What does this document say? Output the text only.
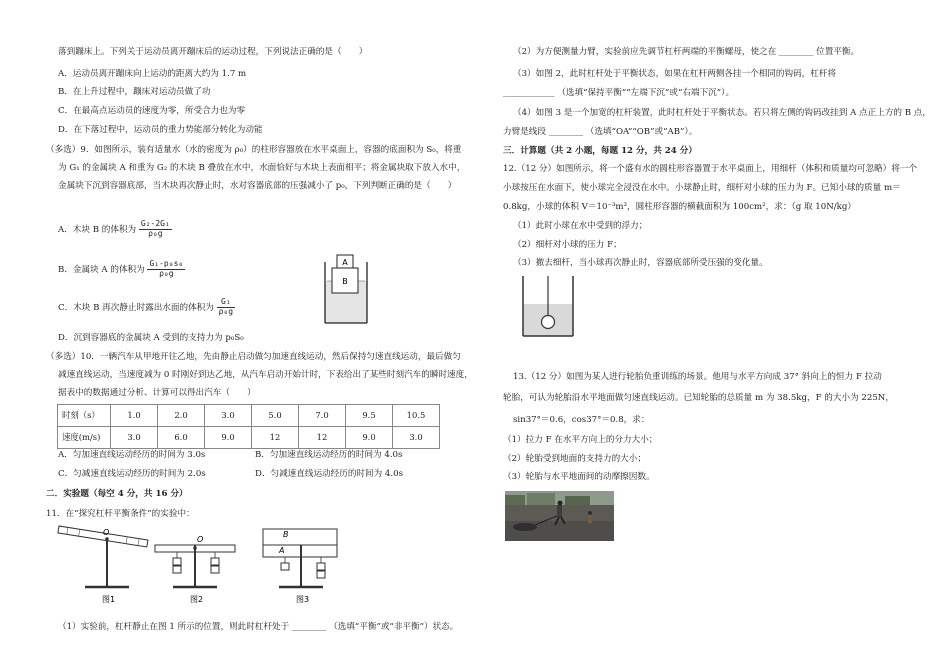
落到蹦床上。下列关于运动员离开蹦床后的运动过程，下列说法正确的是（　　）
A．运动员离开蹦床向上运动的距离大约为 1.7 m
B．在上升过程中，蹦床对运动员做了功
C．在最高点运动员的速度为零，所受合力也为零
D．在下落过程中，运动员的重力势能部分转化为动能
（多选）9．如图所示，装有适量水（水的密度为 ρ₀）的柱形容器放在水平桌面上，容器的底面积为 S₀，将重
为 G₁ 的金属块 A 和重为 G₂ 的木块 B 叠放在水中，水面恰好与木块上表面相平；将金属块取下放入水中，
金属块下沉到容器底部，当木块再次静止时，水对容器底部的压强减小了 p₀，下列判断正确的是（　　）
A．木块 B 的体积为 $\frac{\text{G₂-2G₁}}{\text{ρ₀g}}$
B．金属块 A 的体积为 $\frac{\text{G₁-p₀s₀}}{\text{ρ₀g}}$
C．木块 B 再次静止时露出水面的体积为 $\frac{\text{G₁}}{\text{ρ₀g}}$
D．沉到容器底的金属块 A 受到的支持力为 p₀S₀
（多选）10．一辆汽车从甲地开往乙地，先由静止启动做匀加速直线运动，然后保持匀速直线运动，最后做匀
减速直线运动，当速度减为 0 时刚好到达乙地，从汽车启动开始计时，下表给出了某些时刻汽车的瞬时速度，
据表中的数据通过分析、计算可以得出汽车（　　）
时刻（s）	1.0	2.0	3.0	5.0	7.0	9.5	10.5
速度(m/s)	3.0	6.0	9.0	12	12	9.0	3.0
A．匀加速直线运动经历的时间为 3.0s	B．匀加速直线运动经历的时间为 4.0s
C．匀减速直线运动经历的时间为 2.0s	D．匀减速直线运动经历的时间为 4.0s
二．实验题（每空 4 分，共 16 分）
11．在“探究杠杆平衡条件”的实验中：
（1）实验前，杠杆静止在图 1 所示的位置，则此时杠杆处于 ________ （选填“平衡”或“非平衡”）状态。
A
B
O
图1
O
图2
B
A
图3
（2）为方便测量力臂，实验前应先调节杠杆两端的平衡螺母，使之在 ________ 位置平衡。
（3）如图 2，此时杠杆处于平衡状态，如果在杠杆两侧各挂一个相同的钩码，杠杆将
____________ （选填“保持平衡”“左端下沉”或“右端下沉”）。
（4）如图 3 是一个加宽的杠杆装置，此时杠杆处于平衡状态。若只将左侧的钩码改挂到 A 点正上方的 B 点，
力臂是线段 ________ （选填“OA”“OB”或“AB”）。
三．计算题（共 2 小题，每题 12 分，共 24 分）
12.（12 分）如图所示，将一个盛有水的圆柱形容器置于水平桌面上，用细杆（体积和质量均可忽略）将一个
小球按压在水面下，使小球完全浸没在水中。小球静止时，细杆对小球的压力为 F。已知小球的质量 m＝
0.8kg，小球的体积 V＝10⁻³m³，圆柱形容器的横截面积为 100cm²，求：（g 取 10N/kg）
（1）此时小球在水中受到的浮力；
（2）细杆对小球的压力 F；
（3）撤去细杆，当小球再次静止时，容器底部所受压强的变化量。
13.（12 分）如图为某人进行轮胎负重训练的场景。他用与水平方向成 37° 斜向上的恒力 F 拉动
轮胎，可认为轮胎沿水平地面做匀速直线运动。已知轮胎的总质量 m 为 38.5kg，F 的大小为 225N，
sin37°＝0.6，cos37°＝0.8，求：
（1）拉力 F 在水平方向上的分力大小；
（2）轮胎受到地面的支持力的大小；
（3）轮胎与水平地面间的动摩擦因数。
